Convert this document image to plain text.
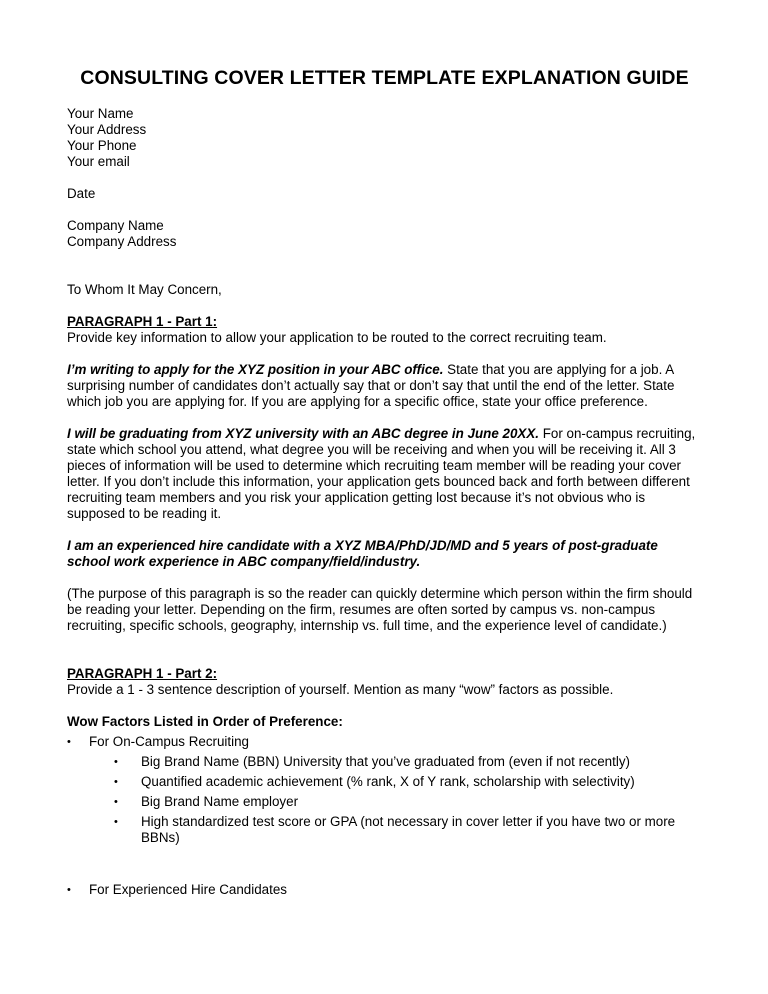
CONSULTING COVER LETTER TEMPLATE EXPLANATION GUIDE
Your Name
Your Address
Your Phone
Your email
Date
Company Name
Company Address
To Whom It May Concern,
PARAGRAPH 1 - Part 1:
Provide key information to allow your application to be routed to the correct recruiting team.

I’m writing to apply for the XYZ position in your ABC office. State that you are applying for a job. A surprising number of candidates don’t actually say that or don’t say that until the end of the letter. State which job you are applying for. If you are applying for a specific office, state your office preference.

I will be graduating from XYZ university with an ABC degree in June 20XX. For on-campus recruiting, state which school you attend, what degree you will be receiving and when you will be receiving it. All 3 pieces of information will be used to determine which recruiting team member will be reading your cover letter. If you don’t include this information, your application gets bounced back and forth between different recruiting team members and you risk your application getting lost because it’s not obvious who is supposed to be reading it.

I am an experienced hire candidate with a XYZ MBA/PhD/JD/MD and 5 years of post-graduate school work experience in ABC company/field/industry.

(The purpose of this paragraph is so the reader can quickly determine which person within the firm should be reading your letter. Depending on the firm, resumes are often sorted by campus vs. non-campus recruiting, specific schools, geography, internship vs. full time, and the experience level of candidate.)

PARAGRAPH 1 - Part 2:
Provide a 1 - 3 sentence description of yourself. Mention as many “wow” factors as possible.
Wow Factors Listed in Order of Preference:
• For On-Campus Recruiting
• Big Brand Name (BBN) University that you’ve graduated from (even if not recently)
• Quantified academic achievement (% rank, X of Y rank, scholarship with selectivity)
• Big Brand Name employer
• High standardized test score or GPA (not necessary in cover letter if you have two or more BBNs)
• For Experienced Hire Candidates
